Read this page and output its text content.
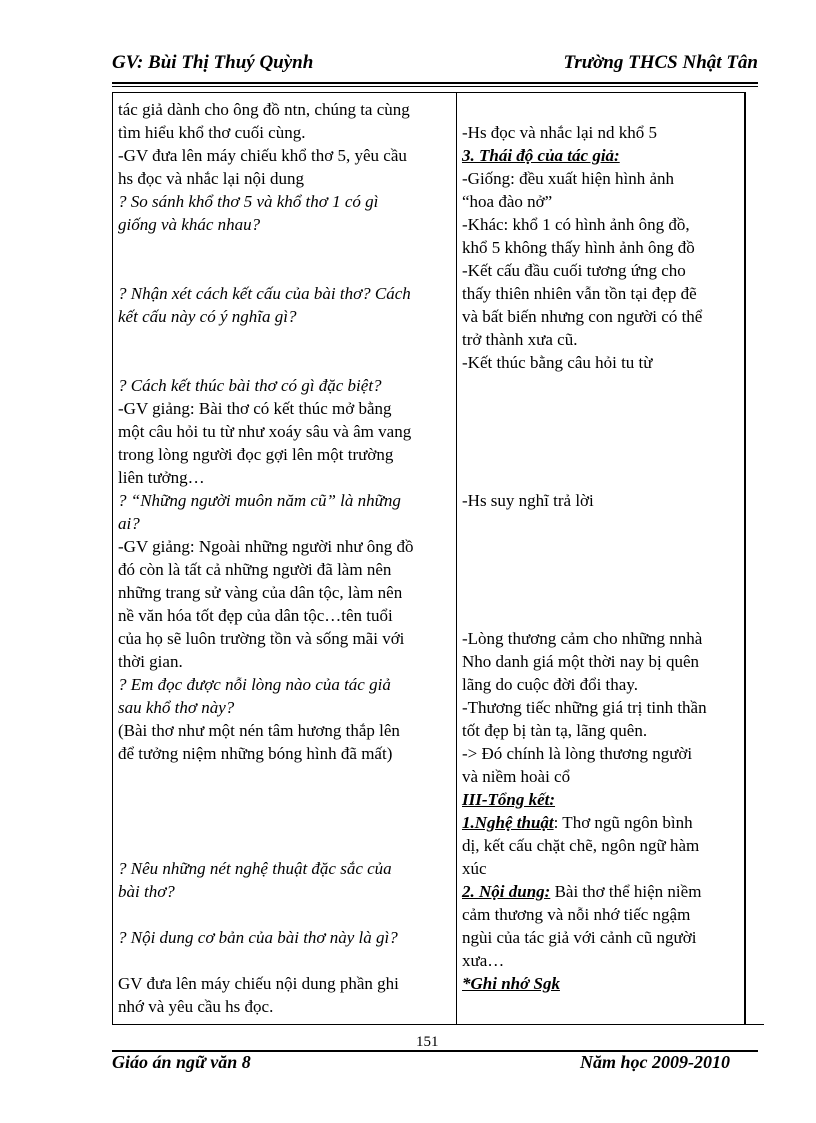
GV: Bùi Thị Thuý Quỳnh	Trường THCS Nhật Tân
tác giả dành cho ông đồ ntn, chúng ta cùng
tìm hiểu khổ thơ cuối cùng.
-GV đưa lên máy chiếu khổ thơ 5, yêu cầu
hs đọc và nhắc lại nội dung
? So sánh khổ thơ 5 và khổ thơ 1 có gì
giống và khác nhau?
? Nhận xét cách kết cấu của bài thơ? Cách
kết cấu này có ý nghĩa gì?
? Cách kết thúc bài thơ có gì đặc biệt?
-GV giảng: Bài thơ có kết thúc mở bằng
một câu hỏi tu từ như xoáy sâu và âm vang
trong lòng người đọc gợi lên một trường
liên tưởng…
? “Những người muôn năm cũ” là những
ai?
-GV giảng: Ngoài những người như ông đồ
đó còn là tất cả những người đã làm nên
những trang sử vàng của dân tộc, làm nên
nề văn hóa tốt đẹp của dân tộc…tên tuổi
của họ sẽ luôn trường tồn và sống mãi với
thời gian.
? Em đọc được nỗi lòng nào của tác giả
sau khổ thơ này?
(Bài thơ như một nén tâm hương thắp lên
để tưởng niệm những bóng hình đã mất)
? Nêu những nét nghệ thuật đặc sắc của
bài thơ?
? Nội dung cơ bản của bài thơ này là gì?
GV đưa lên máy chiếu nội dung phần ghi
nhớ và yêu cầu hs đọc.
-Hs đọc và nhắc lại nd khổ 5
3. Thái độ của tác giả:
-Giống: đều xuất hiện hình ảnh
“hoa đào nở”
-Khác: khổ 1 có hình ảnh ông đồ,
khổ 5 không thấy hình ảnh ông đồ
-Kết cấu đầu cuối tương ứng cho
thấy thiên nhiên vẫn tồn tại đẹp đẽ
và bất biến nhưng con người có thể
trở thành xưa cũ.
-Kết thúc bằng câu hỏi tu từ
-Hs suy nghĩ trả lời
-Lòng thương cảm cho những nnhà
Nho danh giá một thời nay bị quên
lãng do cuộc đời đổi thay.
-Thương tiếc những giá trị tinh thần
tốt đẹp bị tàn tạ, lãng quên.
-> Đó chính là lòng thương người
và niềm hoài cổ
III-Tổng kết:
1.Nghệ thuật: Thơ ngũ ngôn bình
dị, kết cấu chặt chẽ, ngôn ngữ hàm
xúc
2. Nội dung: Bài thơ thể hiện niềm
cảm thương và nỗi nhớ tiếc ngậm
ngùi của tác giả với cảnh cũ người
xưa…
*Ghi nhớ Sgk
151
Giáo án ngữ văn 8	Năm học 2009-2010
